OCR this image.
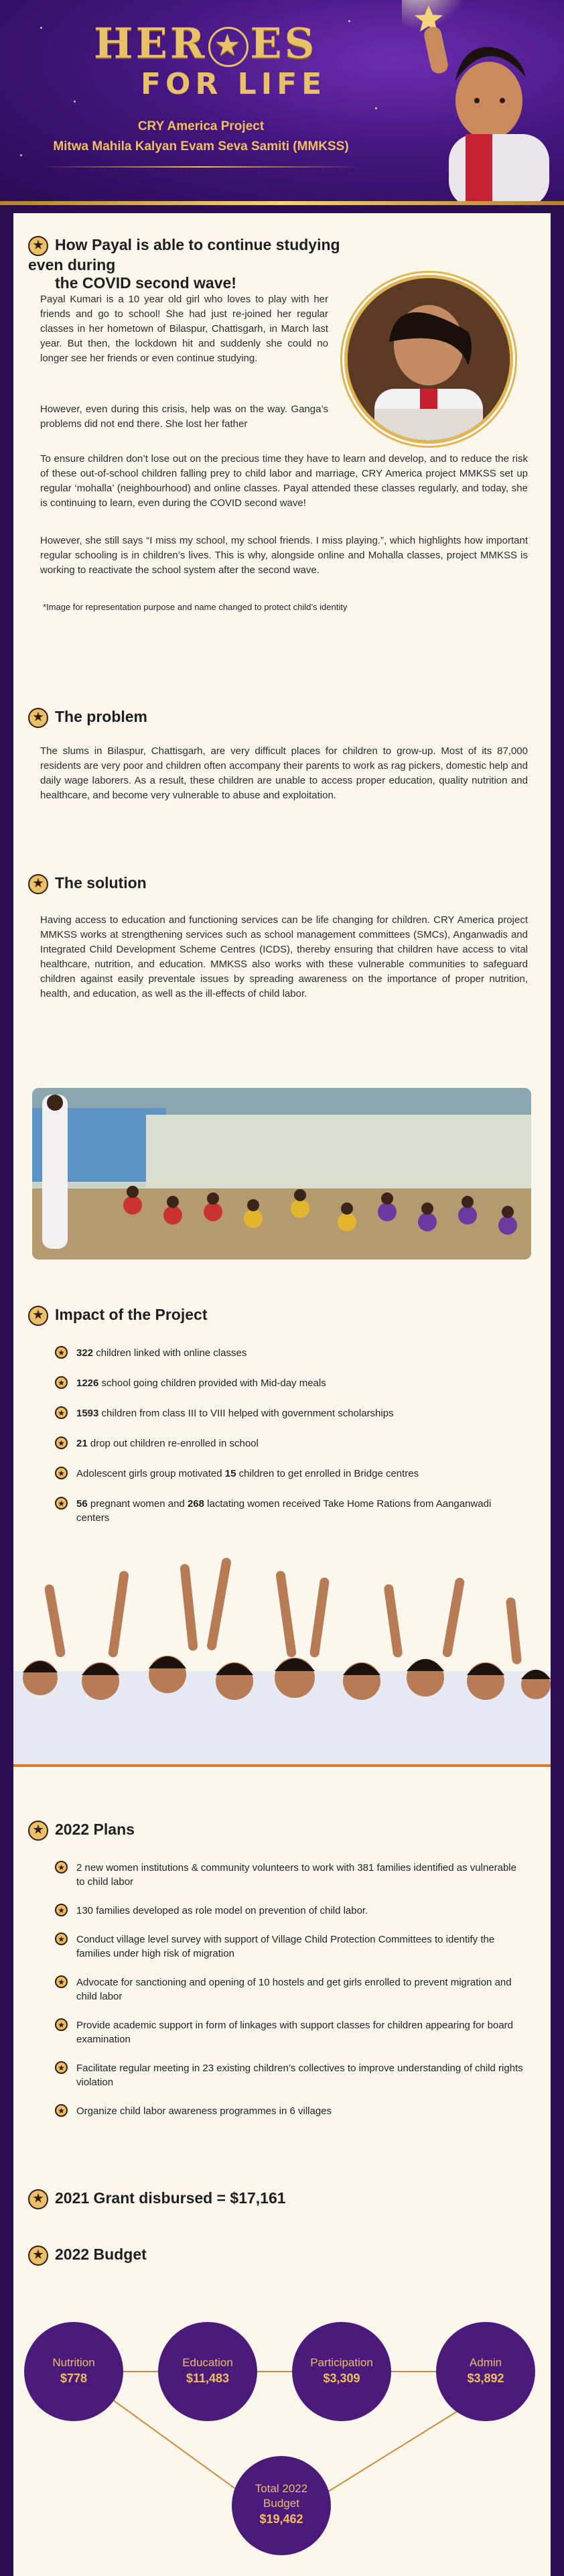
HER ★ ES
FOR LIFE
CRY America Project
Mitwa Mahila Kalyan Evam Seva Samiti (MMKSS)
★ How Payal is able to continue studying even during
the COVID second wave!
Payal Kumari is a 10 year old girl who loves to play with her friends and go to school! She had just re-joined her regular classes in her hometown of Bilaspur, Chattisgarh, in March last year. But then, the lockdown hit and suddenly she could no longer see her friends or even continue studying.
However, even during this crisis, help was on the way. Ganga’s problems did not end there. She lost her father
To ensure children don’t lose out on the precious time they have to learn and develop, and to reduce the risk of these out-of-school children falling prey to child labor and marriage, CRY America project MMKSS set up regular ‘mohalla’ (neighbourhood) and online classes. Payal attended these classes regularly, and today, she is continuing to learn, even during the COVID second wave!
However, she still says “I miss my school, my school friends. I miss playing.”, which highlights how important regular schooling is in children’s lives. This is why, alongside online and Mohalla classes, project MMKSS is working to reactivate the school system after the second wave.
*Image for representation purpose and name changed to protect child’s identity
★ The problem
The slums in Bilaspur, Chattisgarh, are very difficult places for children to grow-up. Most of its 87,000 residents are very poor and children often accompany their parents to work as rag pickers, domestic help and daily wage laborers. As a result, these children are unable to access proper education, quality nutrition and healthcare, and become very vulnerable to abuse and exploitation.
★ The solution
Having access to education and functioning services can be life changing for children. CRY America project MMKSS works at strengthening services such as school management committees (SMCs), Anganwadis and Integrated Child Development Scheme Centres (ICDS), thereby ensuring that children have access to vital healthcare, nutrition, and education. MMKSS also works with these vulnerable communities to safeguard children against easily preventale issues by spreading awareness on the importance of proper nutrition, health, and education, as well as the ill-effects of child labor.
★ Impact of the Project
★ 322 children linked with online classes
★ 1226 school going children provided with Mid-day meals
★ 1593 children from class III to VIII helped with government scholarships
★ 21 drop out children re-enrolled in school
★ Adolescent girls group motivated 15 children to get enrolled in Bridge centres
★ 56 pregnant women and 268 lactating women received Take Home Rations from Aanganwadi centers
★ 2022 Plans
★ 2 new women institutions & community volunteers to work with 381 families identified as vulnerable to child labor
★ 130 families developed as role model on prevention of child labor.
★ Conduct village level survey with support of Village Child Protection Committees to identify the families under high risk of migration
★ Advocate for sanctioning and opening of 10 hostels and get girls enrolled to prevent migration and child labor
★ Provide academic support in form of linkages with support classes for children appearing for board examination
★ Facilitate regular meeting in 23 existing children’s collectives to improve understanding of child rights violation
★ Organize child labor awareness programmes in 6 villages
★ 2021 Grant disbursed = $17,161
★ 2022 Budget
Nutrition
$778
Education
$11,483
Participation
$3,309
Admin
$3,892
Total 2022
Budget
$19,462
